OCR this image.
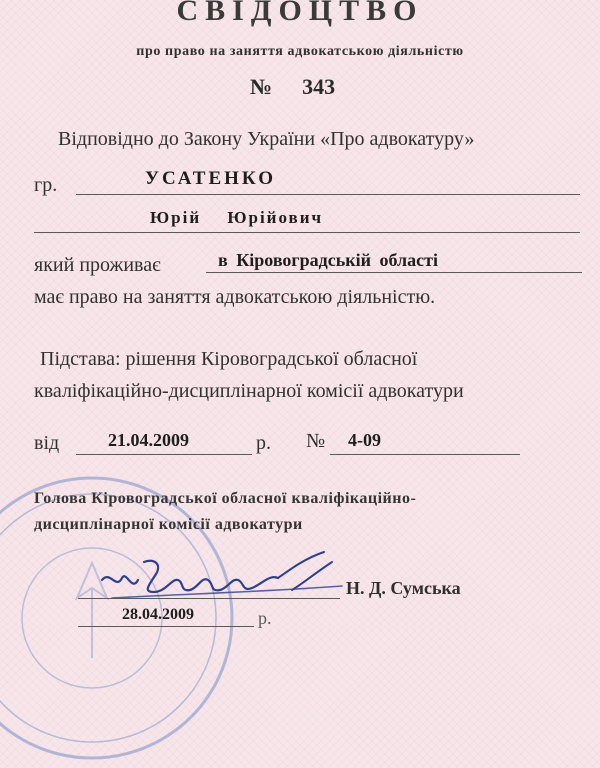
СВІДОЦТВО
про право на заняття адвокатською діяльністю
№ 343
Відповідно до Закону України «Про адвокатуру»
гр.	УСАТЕНКО
Юрій Юрійович
який проживає	в Кіровоградській області
має право на заняття адвокатською діяльністю.
Підстава: рішення Кіровоградської обласної
кваліфікаційно-дисциплінарної комісії адвокатури
від	21.04.2009	р. № 4-09
Голова Кіровоградської обласної кваліфікаційно-
дисциплінарної комісії адвокатури
Н. Д. Сумська
28.04.2009	р.
